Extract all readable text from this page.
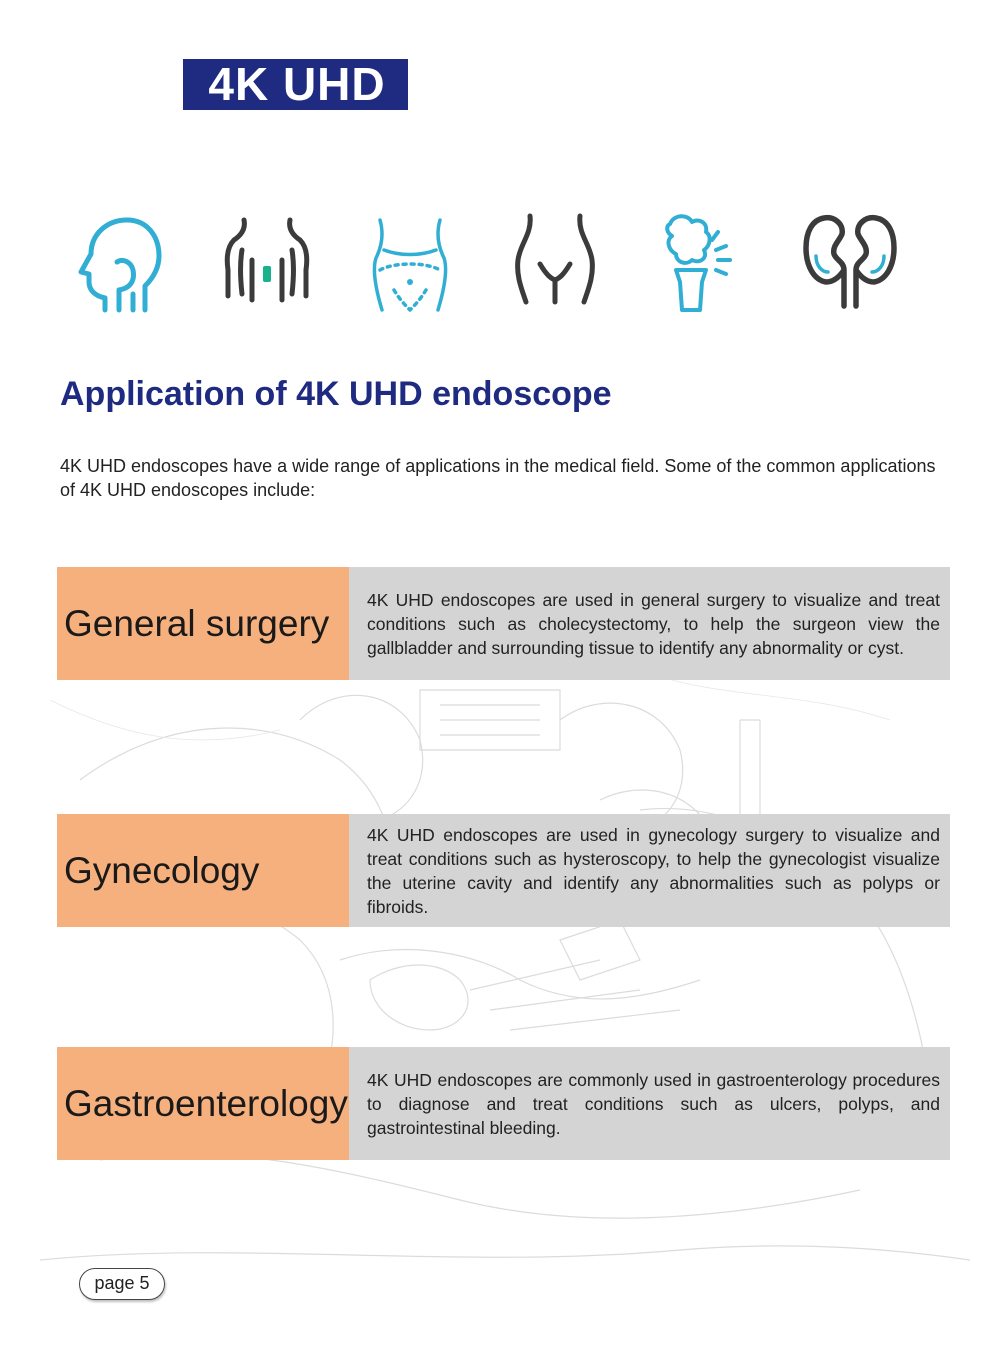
4K UHD
Application of 4K UHD endoscope

4K UHD endoscopes have a wide range of applications in the medical field. Some of the common applications of 4K UHD endoscopes include:

General surgery
4K UHD endoscopes are used in general surgery to visualize and treat conditions such as cholecystectomy, to help the surgeon view the gallbladder and surrounding tissue to identify any abnormality or cyst.
Gynecology
4K UHD endoscopes are used in gynecology surgery to visualize and treat conditions such as hysteroscopy, to help the gynecologist visualize the uterine cavity and identify any abnormalities such as polyps or fibroids.
Gastroenterology
4K UHD endoscopes are commonly used in gastroenterology procedures to diagnose and treat conditions such as ulcers, polyps, and gastrointestinal bleeding.
page 5
